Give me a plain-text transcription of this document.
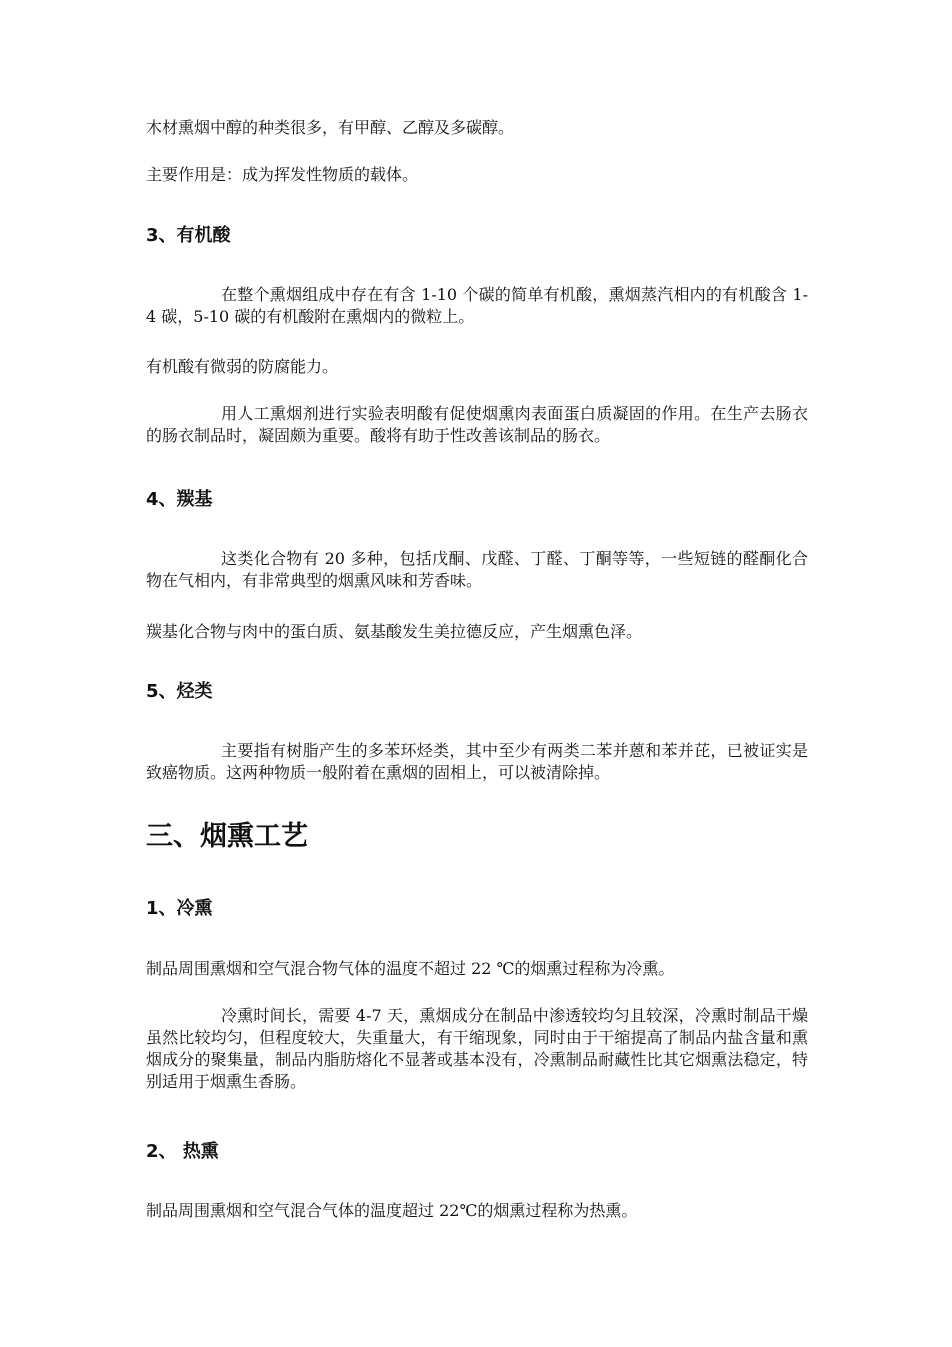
木材熏烟中醇的种类很多，有甲醇、乙醇及多碳醇。

主要作用是：成为挥发性物质的载体。

3、有机酸

在整个熏烟组成中存在有含 1-10 个碳的简单有机酸，熏烟蒸汽相内的有机酸含 1-4 碳，5-10 碳的有机酸附在熏烟内的微粒上。

有机酸有微弱的防腐能力。

用人工熏烟剂进行实验表明酸有促使烟熏肉表面蛋白质凝固的作用。在生产去肠衣的肠衣制品时，凝固颇为重要。酸将有助于性改善该制品的肠衣。

4、羰基

这类化合物有 20 多种，包括戊酮、戊醛、丁醛、丁酮等等，一些短链的醛酮化合物在气相内，有非常典型的烟熏风味和芳香味。

羰基化合物与肉中的蛋白质、氨基酸发生美拉德反应，产生烟熏色泽。

5、烃类

主要指有树脂产生的多苯环烃类，其中至少有两类二苯并蒽和苯并芘，已被证实是致癌物质。这两种物质一般附着在熏烟的固相上，可以被清除掉。

三、烟熏工艺
1、冷熏

制品周围熏烟和空气混合物气体的温度不超过 22 ℃的烟熏过程称为冷熏。

冷熏时间长，需要 4-7 天，熏烟成分在制品中渗透较均匀且较深，冷熏时制品干燥虽然比较均匀，但程度较大，失重量大，有干缩现象，同时由于干缩提高了制品内盐含量和熏烟成分的聚集量，制品内脂肪熔化不显著或基本没有，冷熏制品耐藏性比其它烟熏法稳定，特别适用于烟熏生香肠。

2、 热熏

制品周围熏烟和空气混合气体的温度超过 22℃的烟熏过程称为热熏。
